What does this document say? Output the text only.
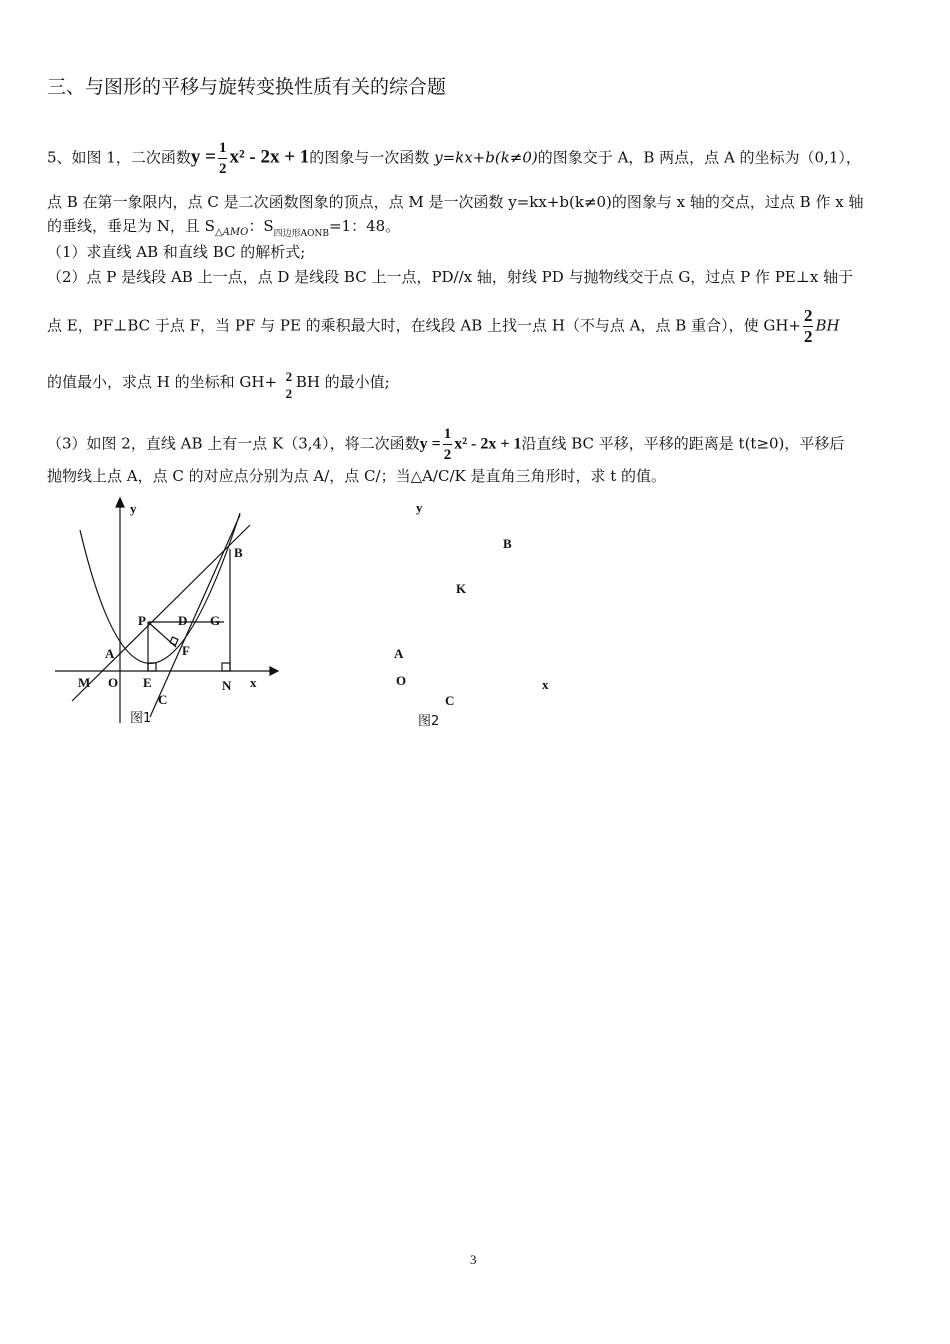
三、与图形的平移与旋转变换性质有关的综合题
5、如图 1，二次函数$y = \frac{1}{2} x^2 - 2x + 1$的图象与一次函数 y=kx+b(k≠0)的图象交于 A，B 两点，点 A 的坐标为（0,1），
点 B 在第一象限内，点 C 是二次函数图象的顶点，点 M 是一次函数 y=kx+b(k≠0)的图象与 x 轴的交点，过点 B 作 x 轴
的垂线，垂足为 N，且 $S_{\triangle AMO}$：$S_{四边形AONB}=1$：48。
（1）求直线 AB 和直线 BC 的解析式;
（2）点 P 是线段 AB 上一点，点 D 是线段 BC 上一点，PD//x 轴，射线 PD 与抛物线交于点 G，过点 P 作 PE⊥x 轴于
点 E，PF⊥BC 于点 F，当 PF 与 PE 的乘积最大时，在线段 AB 上找一点 H（不与点 A，点 B 重合），使 $GH+ \frac{2}{2}$ BH
的值最小，求点 H 的坐标和 GH+ 2
2
BH 的最小值;
（3）如图 2，直线 AB 上有一点 K（3,4），将二次函数$y = \frac{1}{2} x^2 - 2x + 1$沿直线 BC 平移，平移的距离是 t(t≥0)，平移后
抛物线上点 A，点 C 的对应点分别为点 A/，点 C/；当△A/C/K 是直角三角形时，求 t 的值。
y
B
P D G
A	F
M O E	N x
C
图1
y
B
K
A
O	x
C
图2
3
